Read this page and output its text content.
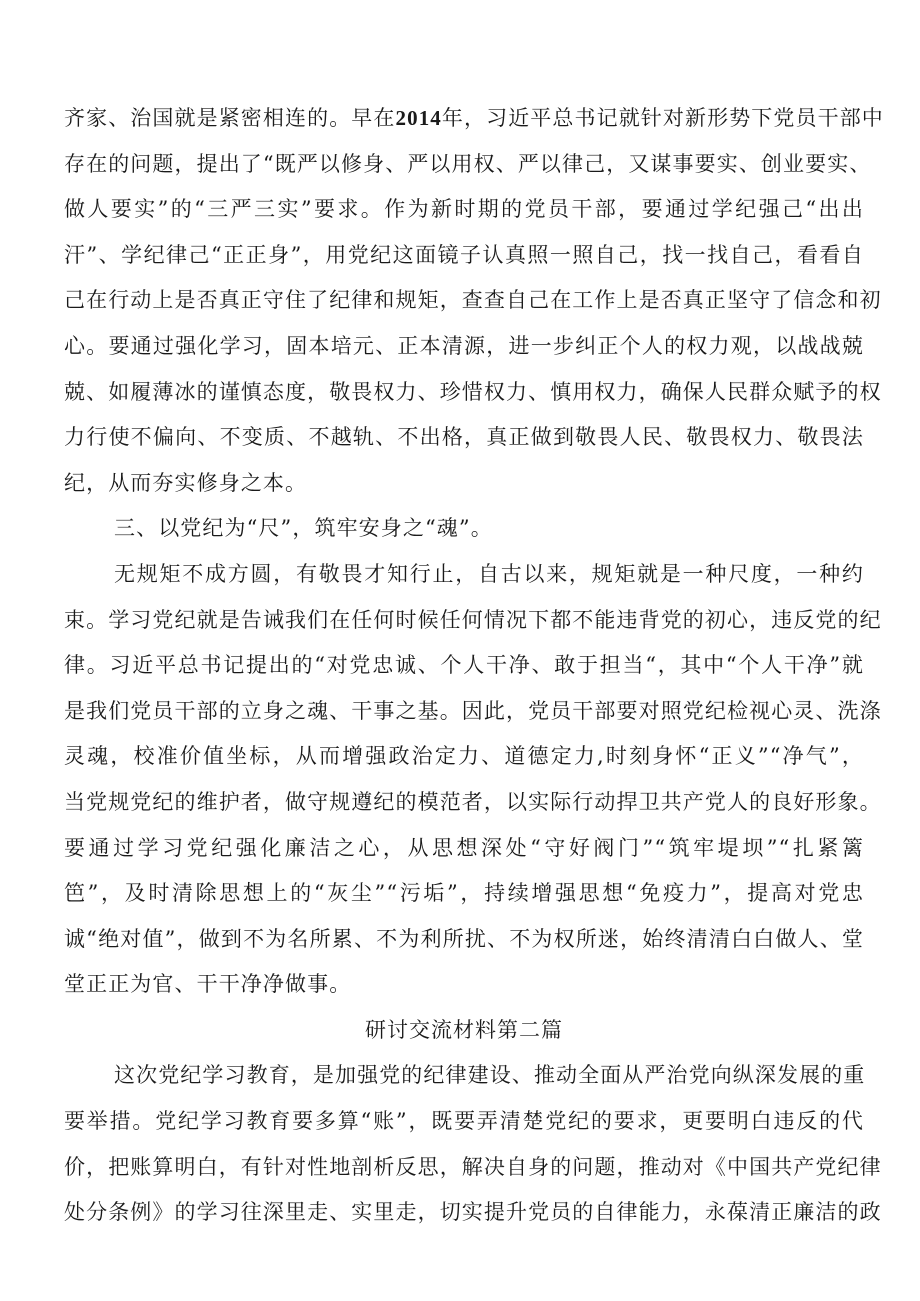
齐家、治国就是紧密相连的。早在2014年，习近平总书记就针对新形势下党员干部中
存在的问题，提出了“既严以修身、严以用权、严以律己，又谋事要实、创业要实、
做人要实”的“三严三实”要求。作为新时期的党员干部，要通过学纪强己“出出
汗”、学纪律己“正正身”，用党纪这面镜子认真照一照自己，找一找自己，看看自
己在行动上是否真正守住了纪律和规矩，查查自己在工作上是否真正坚守了信念和初
心。要通过强化学习，固本培元、正本清源，进一步纠正个人的权力观，以战战兢
兢、如履薄冰的谨慎态度，敬畏权力、珍惜权力、慎用权力，确保人民群众赋予的权
力行使不偏向、不变质、不越轨、不出格，真正做到敬畏人民、敬畏权力、敬畏法
纪，从而夯实修身之本。
三、以党纪为“尺”，筑牢安身之“魂”。
无规矩不成方圆，有敬畏才知行止，自古以来，规矩就是一种尺度，一种约
束。学习党纪就是告诫我们在任何时候任何情况下都不能违背党的初心，违反党的纪
律。习近平总书记提出的“对党忠诚、个人干净、敢于担当“，其中“个人干净”就
是我们党员干部的立身之魂、干事之基。因此，党员干部要对照党纪检视心灵、洗涤
灵魂，校准价值坐标，从而增强政治定力、道德定力,时刻身怀“正义”“净气”，
当党规党纪的维护者，做守规遵纪的模范者，以实际行动捍卫共产党人的良好形象。
要通过学习党纪强化廉洁之心，从思想深处“守好阀门”“筑牢堤坝”“扎紧篱
笆”，及时清除思想上的“灰尘”“污垢”，持续增强思想“免疫力”，提高对党忠
诚“绝对值”，做到不为名所累、不为利所扰、不为权所迷，始终清清白白做人、堂
堂正正为官、干干净净做事。
研讨交流材料第二篇
这次党纪学习教育，是加强党的纪律建设、推动全面从严治党向纵深发展的重
要举措。党纪学习教育要多算“账”，既要弄清楚党纪的要求，更要明白违反的代
价，把账算明白，有针对性地剖析反思，解决自身的问题，推动对《中国共产党纪律
处分条例》的学习往深里走、实里走，切实提升党员的自律能力，永葆清正廉洁的政
